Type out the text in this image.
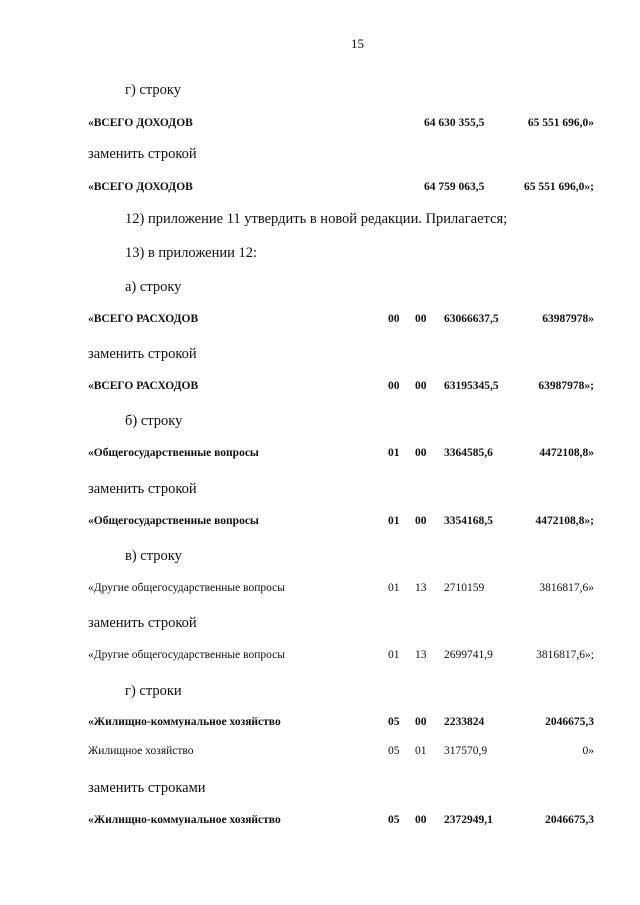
15
г) строку
«ВСЕГО ДОХОДОВ	64 630 355,5	65 551 696,0»
заменить строкой
«ВСЕГО ДОХОДОВ	64 759 063,5	65 551 696,0»;
12) приложение 11 утвердить в новой редакции. Прилагается;
13) в приложении 12:
а) строку
«ВСЕГО РАСХОДОВ	00 00 63066637,5	63987978»
заменить строкой
«ВСЕГО РАСХОДОВ	00 00 63195345,5	63987978»;
б) строку
«Общегосударственные вопросы	01 00 3364585,6	4472108,8»
заменить строкой
«Общегосударственные вопросы	01 00 3354168,5	4472108,8»;
в) строку
«Другие общегосударственные вопросы	01 13 2710159	3816817,6»
заменить строкой
«Другие общегосударственные вопросы	01 13 2699741,9	3816817,6»;
г) строки
«Жилищно-коммунальное хозяйство	05 00 2233824	2046675,3
Жилищное хозяйство	05 01 317570,9	0»
заменить строками
«Жилищно-коммунальное хозяйство	05 00 2372949,1	2046675,3
